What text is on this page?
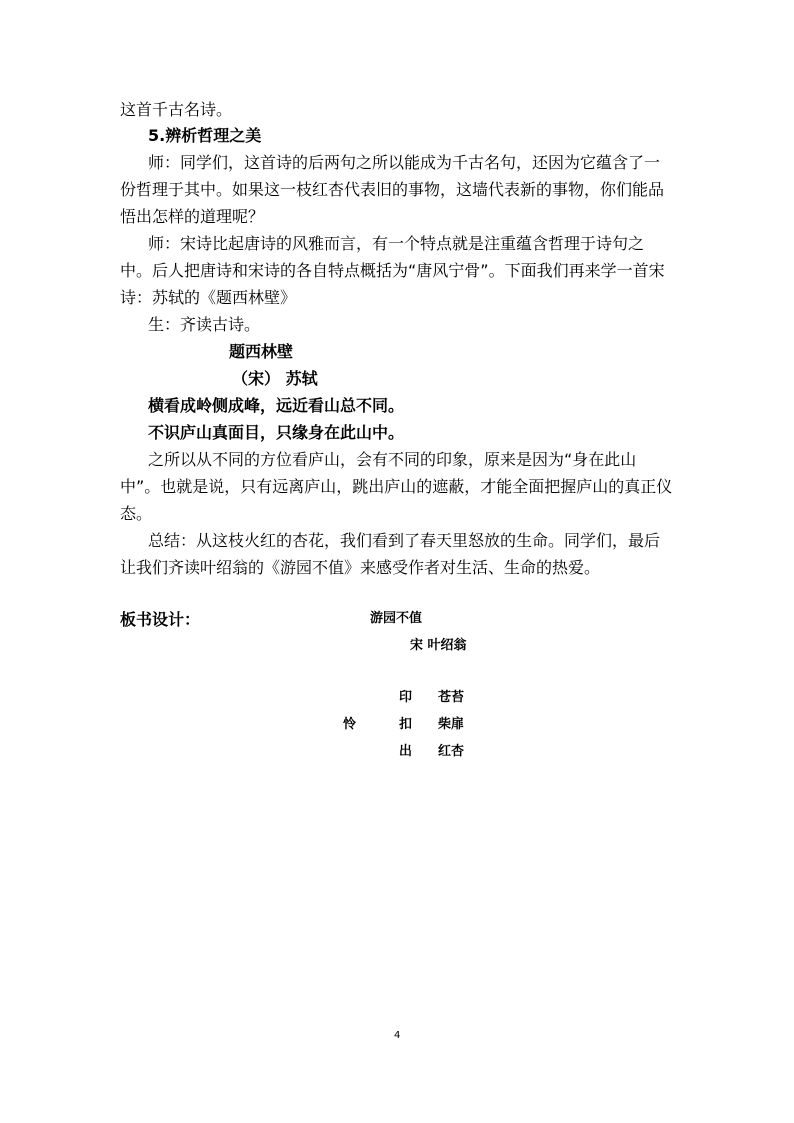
这首千古名诗。
5.辨析哲理之美
师：同学们，这首诗的后两句之所以能成为千古名句，还因为它蕴含了一
份哲理于其中。如果这一枝红杏代表旧的事物，这墙代表新的事物，你们能品
悟出怎样的道理呢？
师：宋诗比起唐诗的风雅而言，有一个特点就是注重蕴含哲理于诗句之
中。后人把唐诗和宋诗的各自特点概括为“唐风宁骨”。下面我们再来学一首宋
诗：苏轼的《题西林壁》
生：齐读古诗。
题西林壁
（宋） 苏轼
横看成岭侧成峰，远近看山总不同。
不识庐山真面目，只缘身在此山中。
之所以从不同的方位看庐山，会有不同的印象，原来是因为“身在此山
中”。也就是说，只有远离庐山，跳出庐山的遮蔽，才能全面把握庐山的真正仪
态。
总结：从这枝火红的杏花，我们看到了春天里怒放的生命。同学们，最后
让我们齐读叶绍翁的《游园不值》来感受作者对生活、生命的热爱。
板书设计：	游园不值
宋 叶绍翁
印 苍苔
怜	扣 柴扉
出 红杏
4
